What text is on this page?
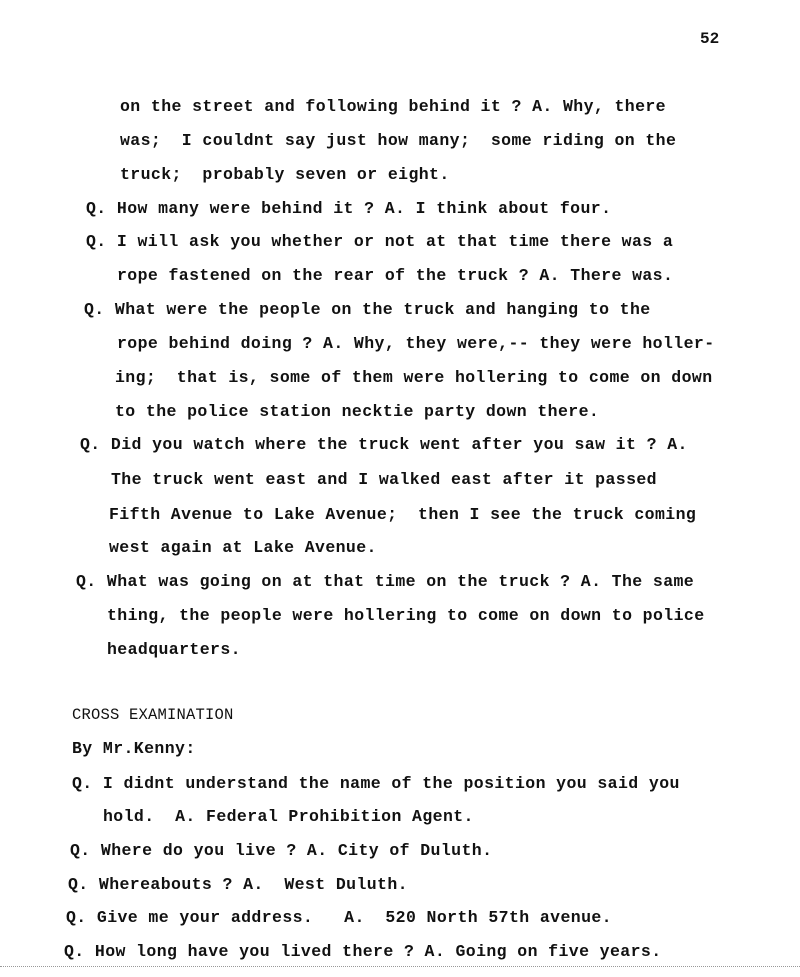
52
on the street and following behind it ? A. Why, there
was;  I couldnt say just how many;  some riding on the
truck;  probably seven or eight.
Q. How many were behind it ? A. I think about four.
Q. I will ask you whether or not at that time there was a
rope fastened on the rear of the truck ? A. There was.
Q. What were the people on the truck and hanging to the
rope behind doing ? A. Why, they were,-- they were holler-
ing;  that is, some of them were hollering to come on down
to the police station necktie party down there.
Q. Did you watch where the truck went after you saw it ? A.
The truck went east and I walked east after it passed
Fifth Avenue to Lake Avenue;  then I see the truck coming
west again at Lake Avenue.
Q. What was going on at that time on the truck ? A. The same
thing, the people were hollering to come on down to police
headquarters.
CROSS EXAMINATION
By Mr.Kenny:
Q. I didnt understand the name of the position you said you
hold.  A. Federal Prohibition Agent.
Q. Where do you live ? A. City of Duluth.
Q. Whereabouts ? A.  West Duluth.
Q. Give me your address.   A.  520 North 57th avenue.
Q. How long have you lived there ? A. Going on five years.
